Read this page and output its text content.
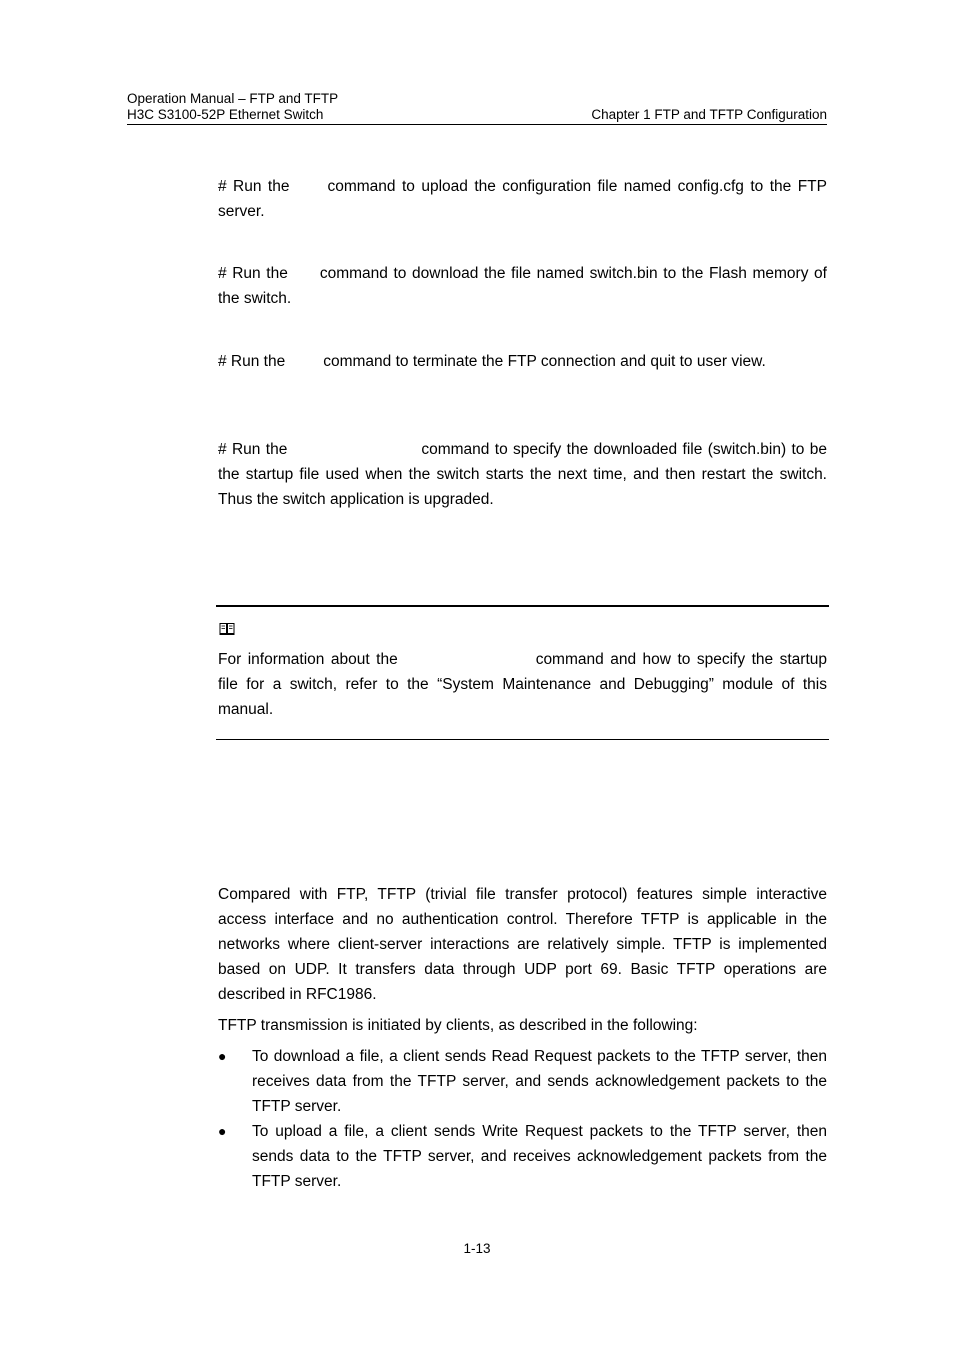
Operation Manual – FTP and TFTP
H3C S3100-52P Ethernet Switch	Chapter 1 FTP and TFTP Configuration
# Run the command to upload the configuration file named config.cfg to the FTP server.
# Run the command to download the file named switch.bin to the Flash memory of the switch.
# Run the command to terminate the FTP connection and quit to user view.
# Run the	command to specify the downloaded file (switch.bin) to be the startup file used when the switch starts the next time, and then restart the switch. Thus the switch application is upgraded.
For information about the	command and how to specify the startup file for a switch, refer to the “System Maintenance and Debugging” module of this manual.
Compared with FTP, TFTP (trivial file transfer protocol) features simple interactive access interface and no authentication control. Therefore TFTP is applicable in the networks where client-server interactions are relatively simple. TFTP is implemented based on UDP. It transfers data through UDP port 69. Basic TFTP operations are described in RFC1986.
TFTP transmission is initiated by clients, as described in the following:
● To download a file, a client sends Read Request packets to the TFTP server, then receives data from the TFTP server, and sends acknowledgement packets to the TFTP server.
● To upload a file, a client sends Write Request packets to the TFTP server, then sends data to the TFTP server, and receives acknowledgement packets from the TFTP server.
1-13
